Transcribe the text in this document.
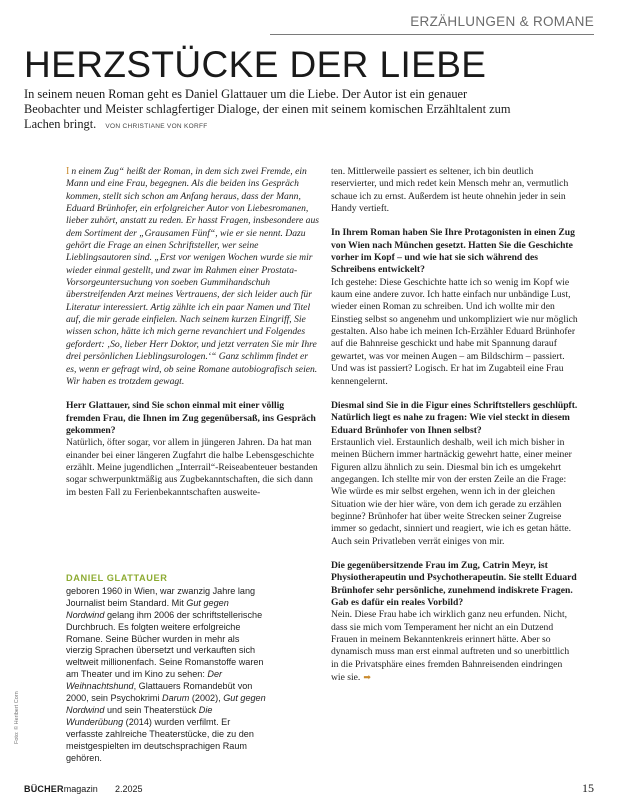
ERZÄHLUNGEN & ROMANE
HERZSTÜCKE DER LIEBE
In seinem neuen Roman geht es Daniel Glattauer um die Liebe. Der Autor ist ein genauer Beobachter und Meister schlagfertiger Dialoge, der einen mit seinem komischen Erzähltalent zum Lachen bringt. VON CHRISTIANE VON KORFF

I n einem Zug“ heißt der Roman, in dem sich zwei Fremde, ein Mann und eine Frau, begegnen. Als die beiden ins Gespräch kommen, stellt sich schon am Anfang heraus, dass der Mann, Eduard Brünhofer, ein erfolgreicher Autor von Liebesromanen, lieber zuhört, anstatt zu reden. Er hasst Fragen, insbesondere aus dem Sortiment der „Grausamen Fünf“, wie er sie nennt. Dazu gehört die Frage an einen Schriftsteller, wer seine Lieblingsautoren sind. „Erst vor wenigen Wochen wurde sie mir wieder einmal gestellt, und zwar im Rahmen einer Prostata-Vorsorgeuntersuchung von soeben Gummihandschuh überstreifenden Arzt meines Vertrauens, der sich leider auch für Literatur interessiert. Artig zählte ich ein paar Namen und Titel auf, die mir gerade einfielen. Nach seinem kurzen Eingriff, Sie wissen schon, hätte ich mich gerne revanchiert und Folgendes gefordert: ‚So, lieber Herr Doktor, und jetzt verraten Sie mir Ihre drei persönlichen Lieblingsurologen.‘“ Ganz schlimm findet er es, wenn er gefragt wird, ob seine Romane autobiografisch seien. Wir haben es trotzdem gewagt.

Herr Glattauer, sind Sie schon einmal mit einer völlig fremden Frau, die Ihnen im Zug gegenübersaß, ins Gespräch gekommen?

Natürlich, öfter sogar, vor allem in jüngeren Jahren. Da hat man einander bei einer längeren Zugfahrt die halbe Lebensgeschichte erzählt. Meine jugendlichen „Interrail“-Reiseabenteuer bestanden sogar schwerpunktmäßig aus Zugbekanntschaften, die sich dann im besten Fall zu Ferienbekanntschaften ausweite-

DANIEL GLATTAUER
geboren 1960 in Wien, war zwanzig Jahre lang Journalist beim Standard. Mit Gut gegen Nordwind gelang ihm 2006 der schriftstellerische Durchbruch. Es folgten weitere erfolgreiche Romane. Seine Bücher wurden in mehr als vierzig Sprachen übersetzt und verkauften sich weltweit millionenfach. Seine Romanstoffe waren am Theater und im Kino zu sehen: Der Weihnachtshund, Glattauers Romandebüt von 2000, sein Psychokrimi Darum (2002), Gut gegen Nordwind und sein Theaterstück Die Wunderübung (2014) wurden verfilmt. Er verfasste zahlreiche Theaterstücke, die zu den meistgespielten im deutschsprachigen Raum gehören.

ten. Mittlerweile passiert es seltener, ich bin deutlich reservierter, und mich redet kein Mensch mehr an, vermutlich schaue ich zu ernst. Außerdem ist heute ohnehin jeder in sein Handy vertieft.

In Ihrem Roman haben Sie Ihre Protagonisten in einen Zug von Wien nach München gesetzt. Hatten Sie die Geschichte vorher im Kopf – und wie hat sie sich während des Schreibens entwickelt?

Ich gestehe: Diese Geschichte hatte ich so wenig im Kopf wie kaum eine andere zuvor. Ich hatte einfach nur unbändige Lust, wieder einen Roman zu schreiben. Und ich wollte mir den Einstieg selbst so angenehm und unkompliziert wie nur möglich gestalten. Also habe ich meinen Ich-Erzähler Eduard Brünhofer auf die Bahnreise geschickt und habe mit Spannung darauf gewartet, was vor meinen Augen – am Bildschirm – passiert. Und was ist passiert? Logisch. Er hat im Zugabteil eine Frau kennengelernt.

Diesmal sind Sie in die Figur eines Schriftstellers geschlüpft. Natürlich liegt es nahe zu fragen: Wie viel steckt in diesem Eduard Brünhofer von Ihnen selbst?

Erstaunlich viel. Erstaunlich deshalb, weil ich mich bisher in meinen Büchern immer hartnäckig gewehrt hatte, einer meiner Figuren allzu ähnlich zu sein. Diesmal bin ich es umgekehrt angegangen. Ich stellte mir von der ersten Zeile an die Frage: Wie würde es mir selbst ergehen, wenn ich in der gleichen Situation wie der hier wäre, von dem ich gerade zu erzählen beginne? Brünhofer hat über weite Strecken seiner Zugreise immer so gedacht, sinniert und reagiert, wie ich es getan hätte. Auch sein Privatleben verrät einiges von mir.

Die gegenübersitzende Frau im Zug, Catrin Meyr, ist Physiotherapeutin und Psychotherapeutin. Sie stellt Eduard Brünhofer sehr persönliche, zunehmend indiskrete Fragen. Gab es dafür ein reales Vorbild?

Nein. Diese Frau habe ich wirklich ganz neu erfunden. Nicht, dass sie mich vom Temperament her nicht an ein Dutzend Frauen in meinem Bekanntenkreis erinnert hätte. Aber so dynamisch muss man erst einmal auftreten und so unerbittlich in die Privatsphäre eines fremden Bahnreisenden eindringen wie sie. ➡

Foto: © Heribert Corn
BÜCHERmagazin 2.2025	15
